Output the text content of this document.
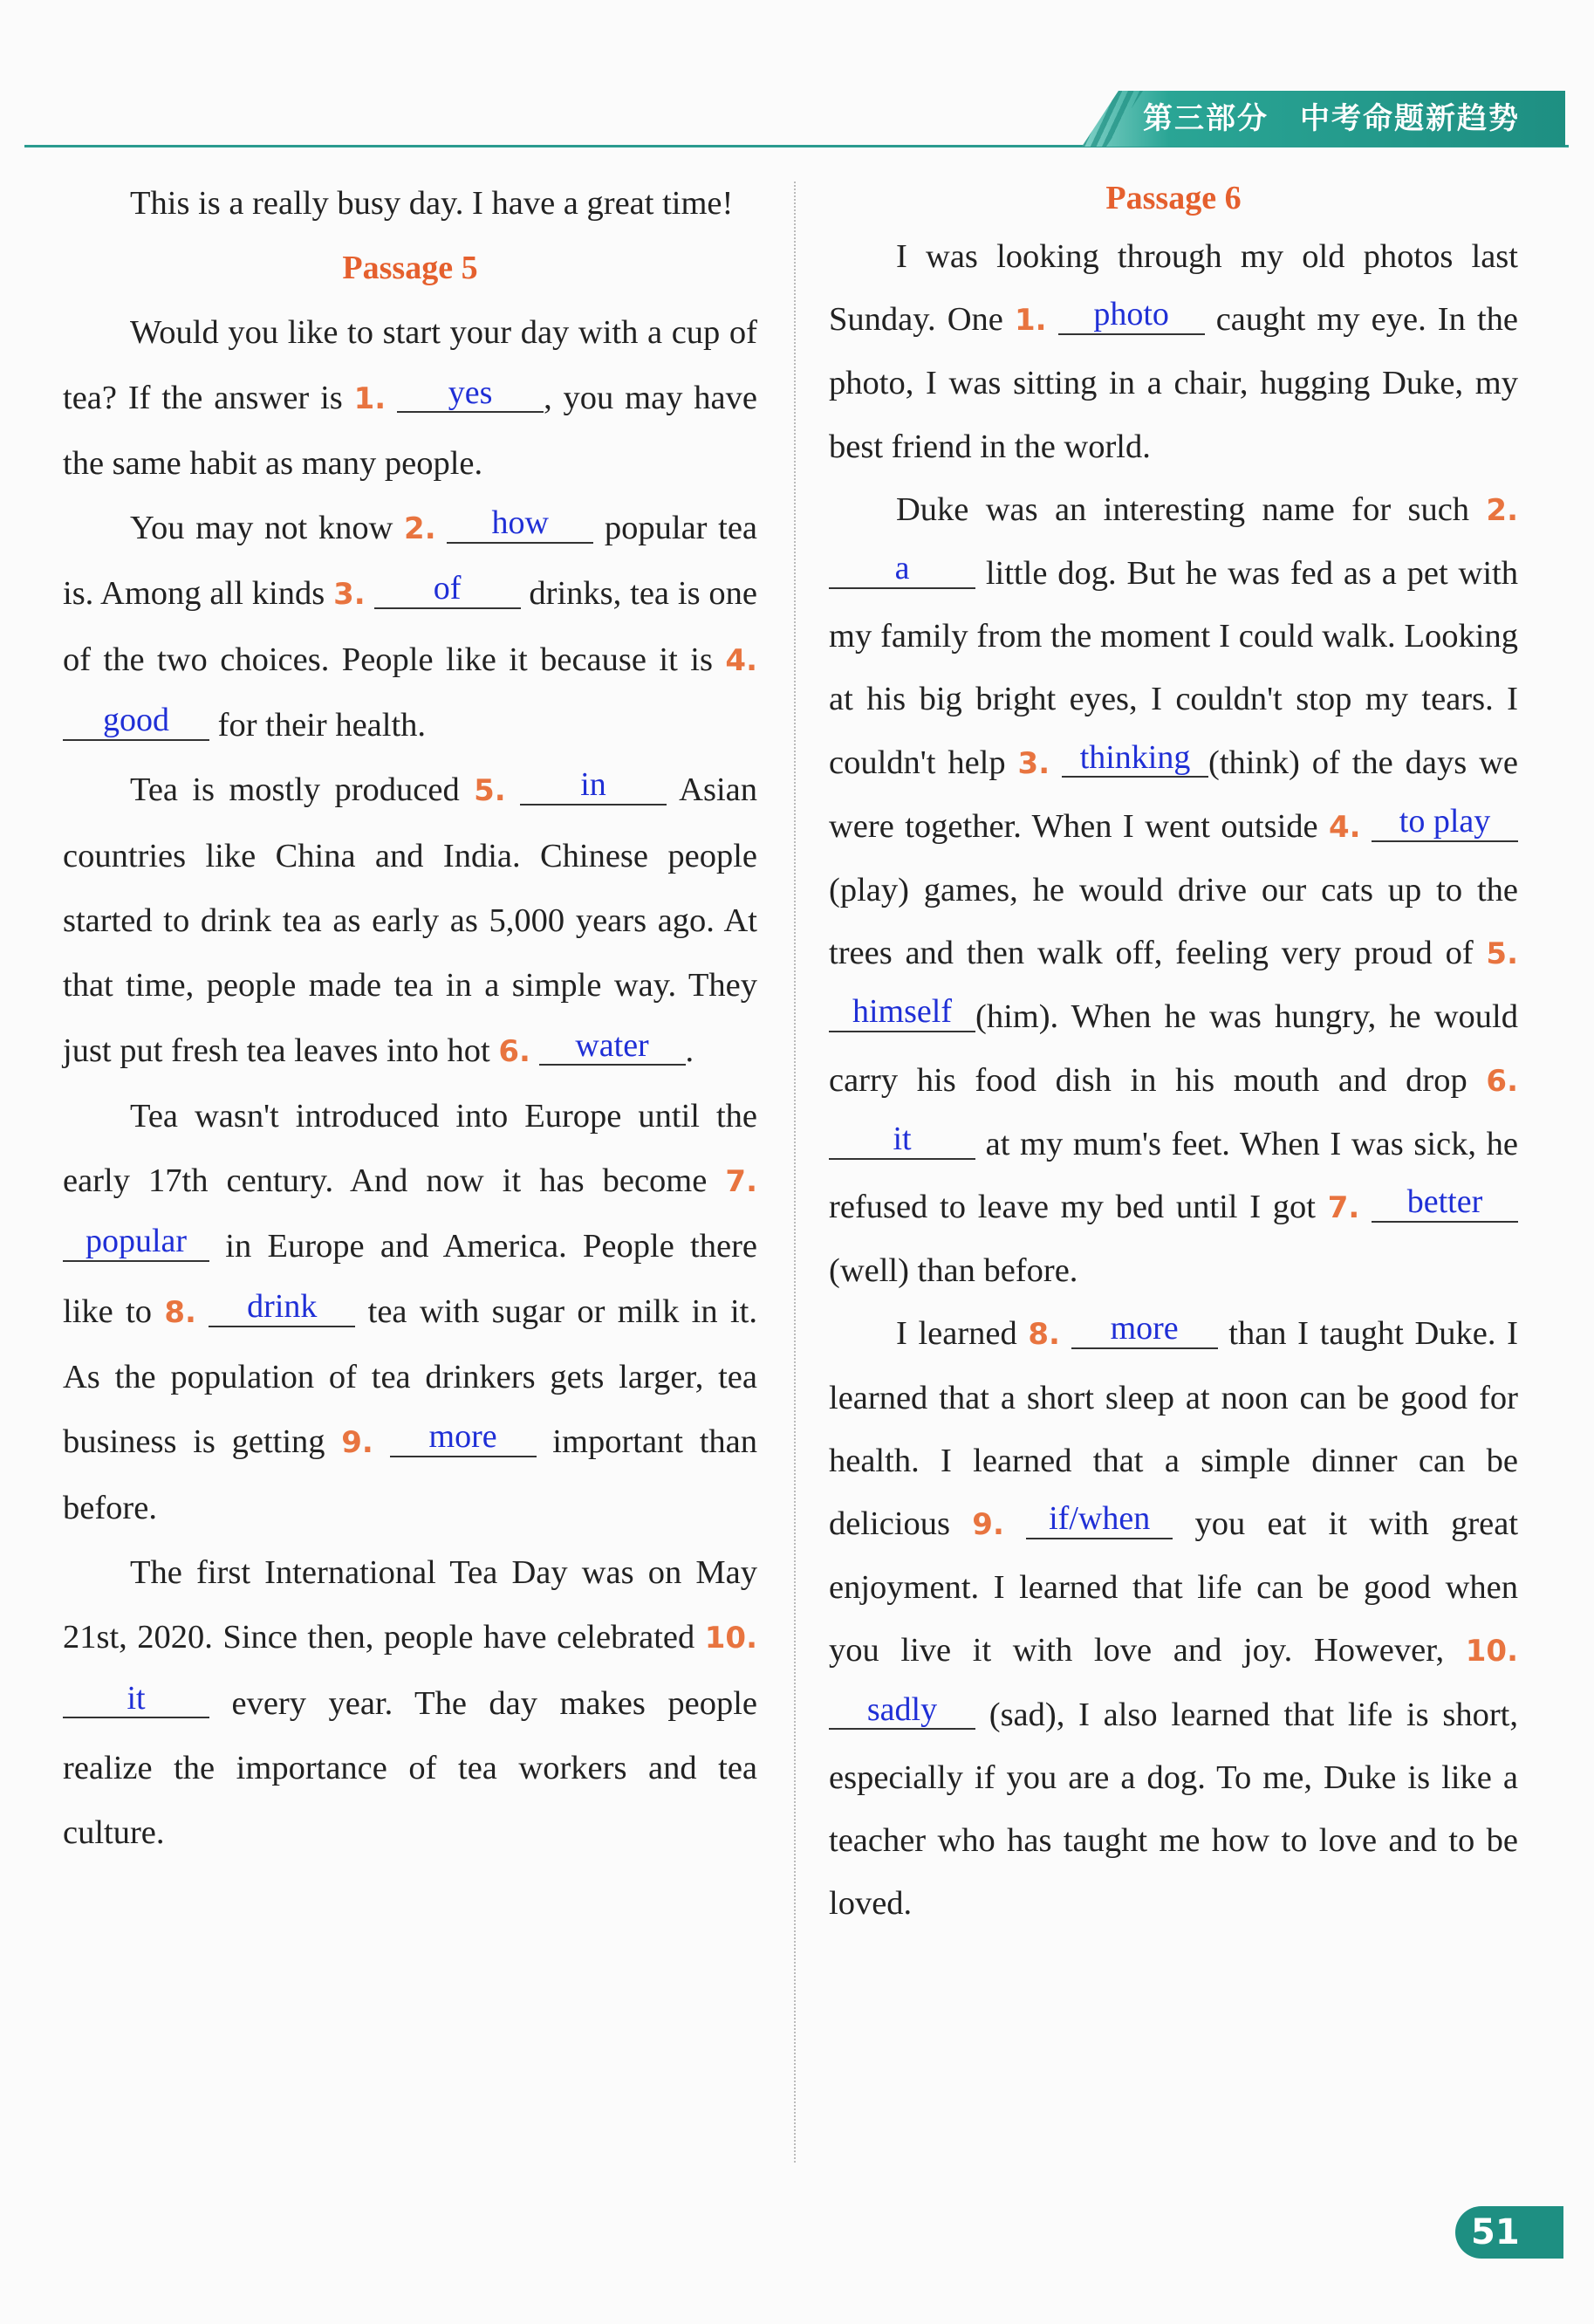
第三部分　中考命题新趋势

This is a really busy day. I have a great time!

Passage 5

Would you like to start your day with a cup of tea? If the answer is 1. yes , you may have the same habit as many people.

You may not know 2. how popular tea is. Among all kinds 3. of drinks, tea is one of the two choices. People like it because it is 4. good for their health.

Tea is mostly produced 5. in Asian countries like China and India. Chinese people started to drink tea as early as 5,000 years ago. At that time, people made tea in a simple way. They just put fresh tea leaves into hot 6. water .

Tea wasn't introduced into Europe until the early 17th century. And now it has become 7. popular in Europe and America. People there like to 8. drink tea with sugar or milk in it. As the population of tea drinkers gets larger, tea business is getting 9. more important than before.

The first International Tea Day was on May 21st, 2020. Since then, people have celebrated 10. it every year. The day makes people realize the importance of tea workers and tea culture.

Passage 6

I was looking through my old photos last Sunday. One 1. photo caught my eye. In the photo, I was sitting in a chair, hugging Duke, my best friend in the world.

Duke was an interesting name for such 2. a little dog. But he was fed as a pet with my family from the moment I could walk. Looking at his big bright eyes, I couldn't stop my tears. I couldn't help 3. thinking (think) of the days we were together. When I went outside 4. to play (play) games, he would drive our cats up to the trees and then walk off, feeling very proud of 5. himself (him). When he was hungry, he would carry his food dish in his mouth and drop 6. it at my mum's feet. When I was sick, he refused to leave my bed until I got 7. better(well) than before.

I learned 8. more than I taught Duke. I learned that a short sleep at noon can be good for health. I learned that a simple dinner can be delicious 9. if/when you eat it with great enjoyment. I learned that life can be good when you live it with love and joy. However, 10. sadly (sad), I also learned that life is short, especially if you are a dog. To me, Duke is like a teacher who has taught me how to love and to be loved.

51
